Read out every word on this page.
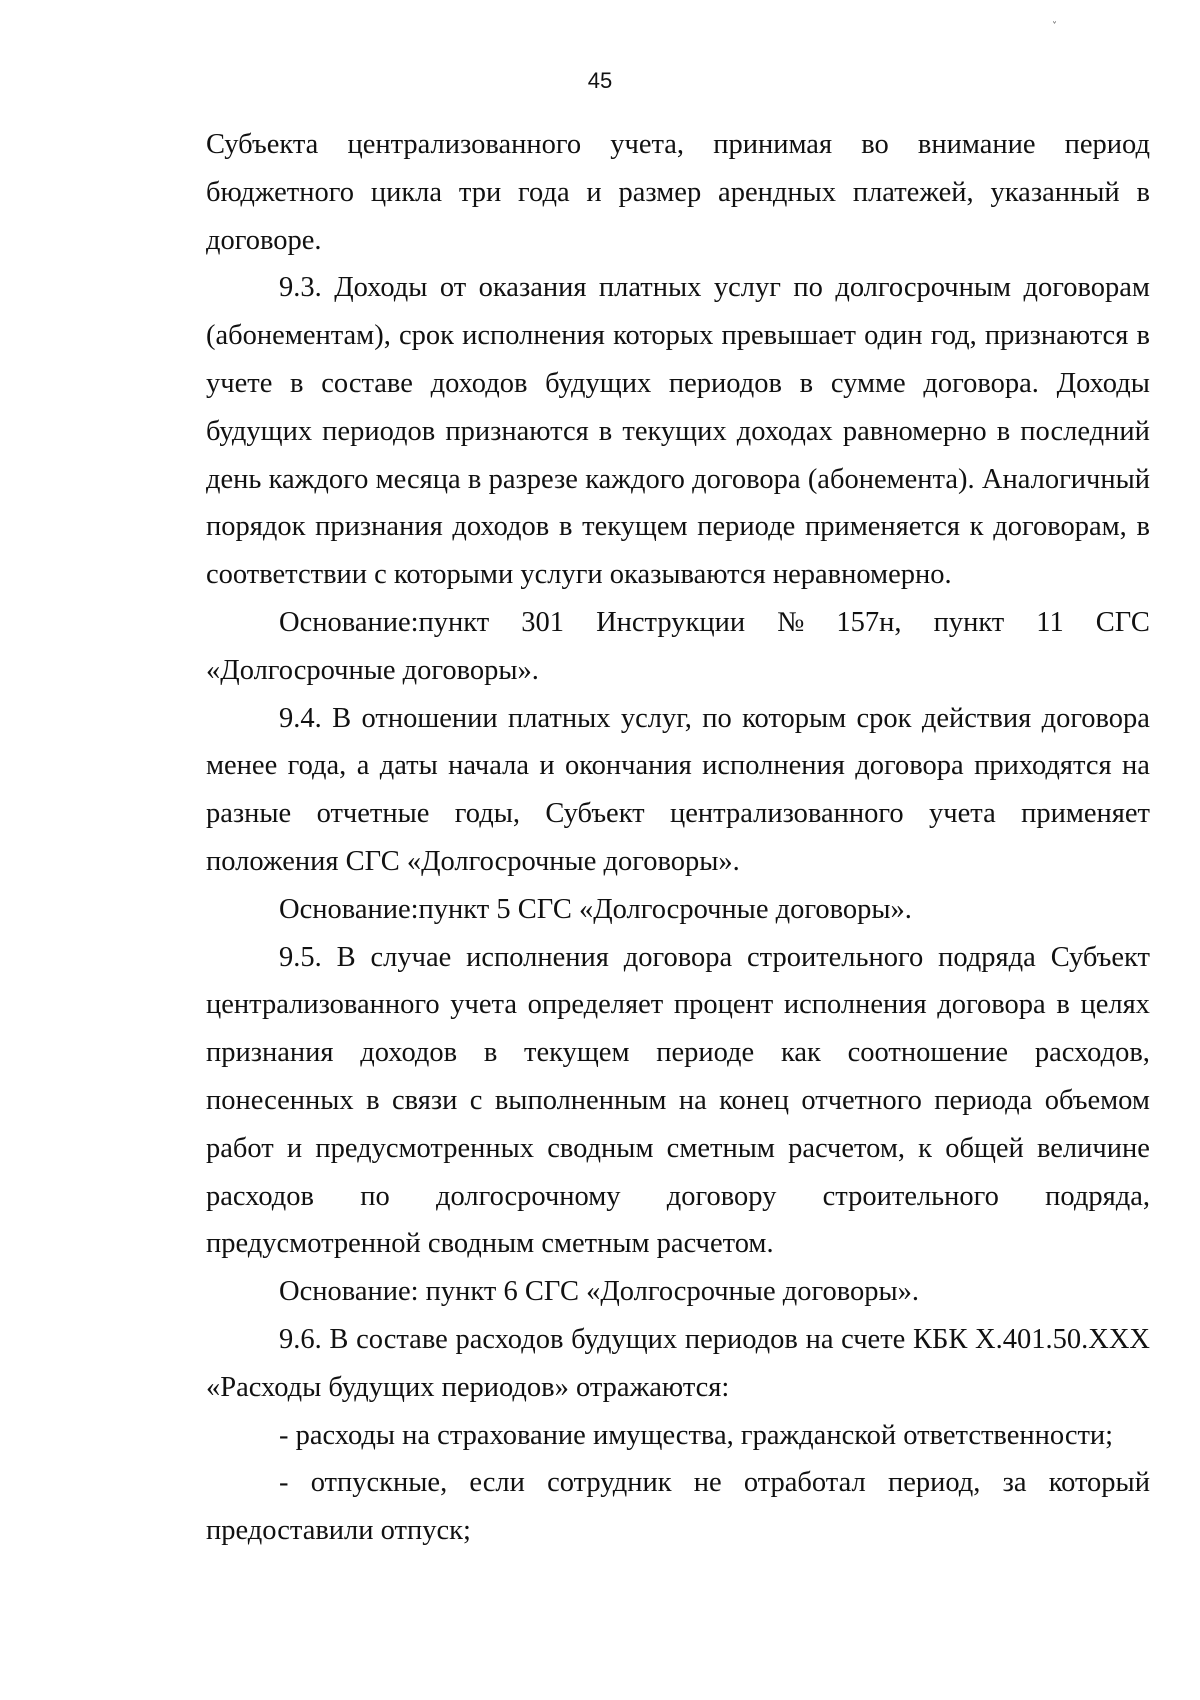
ˬ
45
Субъекта централизованного учета, принимая во внимание период
бюджетного цикла три года и размер арендных платежей, указанный в
договоре.
9.3. Доходы от оказания платных услуг по долгосрочным договорам
(абонементам), срок исполнения которых превышает один год, признаются в
учете в составе доходов будущих периодов в сумме договора. Доходы
будущих периодов признаются в текущих доходах равномерно в последний
день каждого месяца в разрезе каждого договора (абонемента). Аналогичный
порядок признания доходов в текущем периоде применяется к договорам, в
соответствии с которыми услуги оказываются неравномерно.
Основание:пункт 301 Инструкции № 157н, пункт 11 СГС
«Долгосрочные договоры».
9.4. В отношении платных услуг, по которым срок действия договора
менее года, а даты начала и окончания исполнения договора приходятся на
разные отчетные годы, Субъект централизованного учета применяет
положения СГС «Долгосрочные договоры».
Основание:пункт 5 СГС «Долгосрочные договоры».
9.5. В случае исполнения договора строительного подряда Субъект
централизованного учета определяет процент исполнения договора в целях
признания доходов в текущем периоде как соотношение расходов,
понесенных в связи с выполненным на конец отчетного периода объемом
работ и предусмотренных сводным сметным расчетом, к общей величине
расходов по долгосрочному договору строительного подряда,
предусмотренной сводным сметным расчетом.
Основание: пункт 6 СГС «Долгосрочные договоры».
9.6. В составе расходов будущих периодов на счете КБК X.401.50.XXX
«Расходы будущих периодов» отражаются:
- расходы на страхование имущества, гражданской ответственности;
- отпускные, если сотрудник не отработал период, за который
предоставили отпуск;
